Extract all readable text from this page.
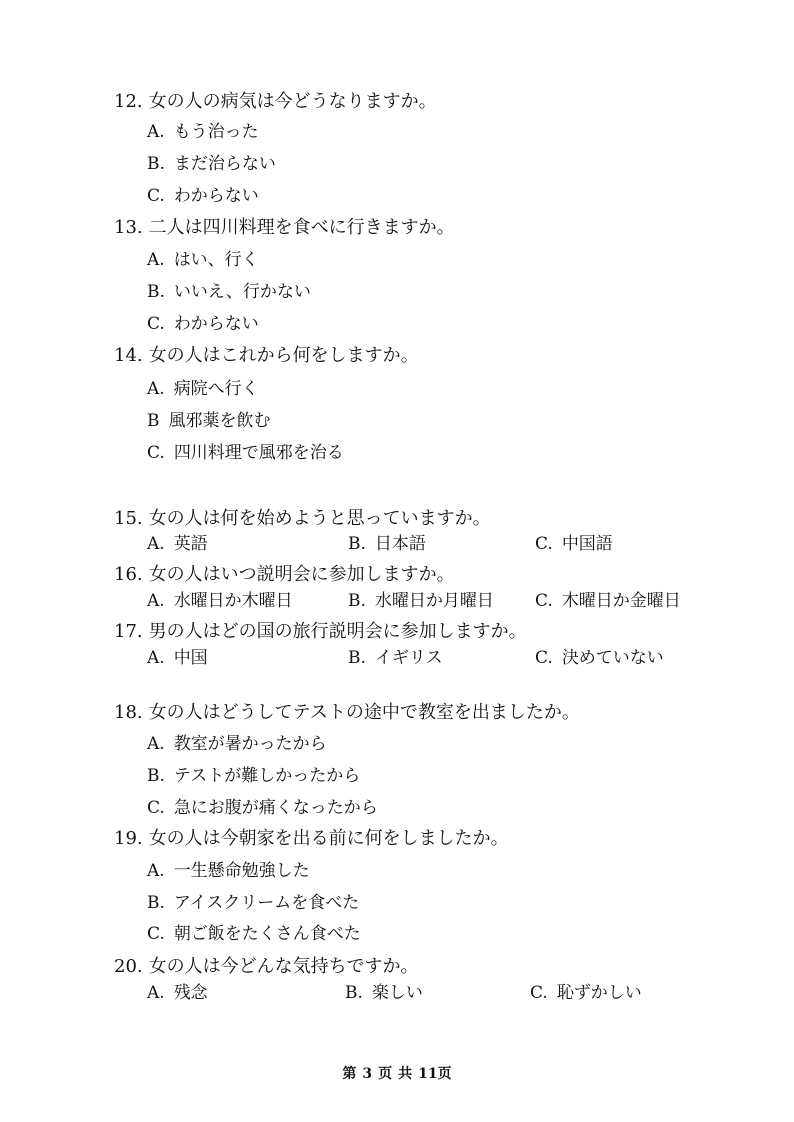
12. 女の人の病気は今どうなりますか。
A. もう治った
B. まだ治らない
C. わからない
13. 二人は四川料理を食べに行きますか。
A. はい、行く
B. いいえ、行かない
C. わからない
14. 女の人はこれから何をしますか。
A. 病院へ行く
B 風邪薬を飲む
C. 四川料理で風邪を治る
15. 女の人は何を始めようと思っていますか。
A. 英語	B. 日本語	C. 中国語
16. 女の人はいつ説明会に参加しますか。
A. 水曜日か木曜日	B. 水曜日か月曜日 C. 木曜日か金曜日
17. 男の人はどの国の旅行説明会に参加しますか。
A. 中国	B. イギリス	C. 決めていない
18. 女の人はどうしてテストの途中で教室を出ましたか。
A. 教室が暑かったから
B. テストが難しかったから
C. 急にお腹が痛くなったから
19. 女の人は今朝家を出る前に何をしましたか。
A. 一生懸命勉強した
B. アイスクリームを食べた
C. 朝ご飯をたくさん食べた
20. 女の人は今どんな気持ちですか。
A. 残念	B. 楽しい	C. 恥ずかしい
第 3 页 共 11页
